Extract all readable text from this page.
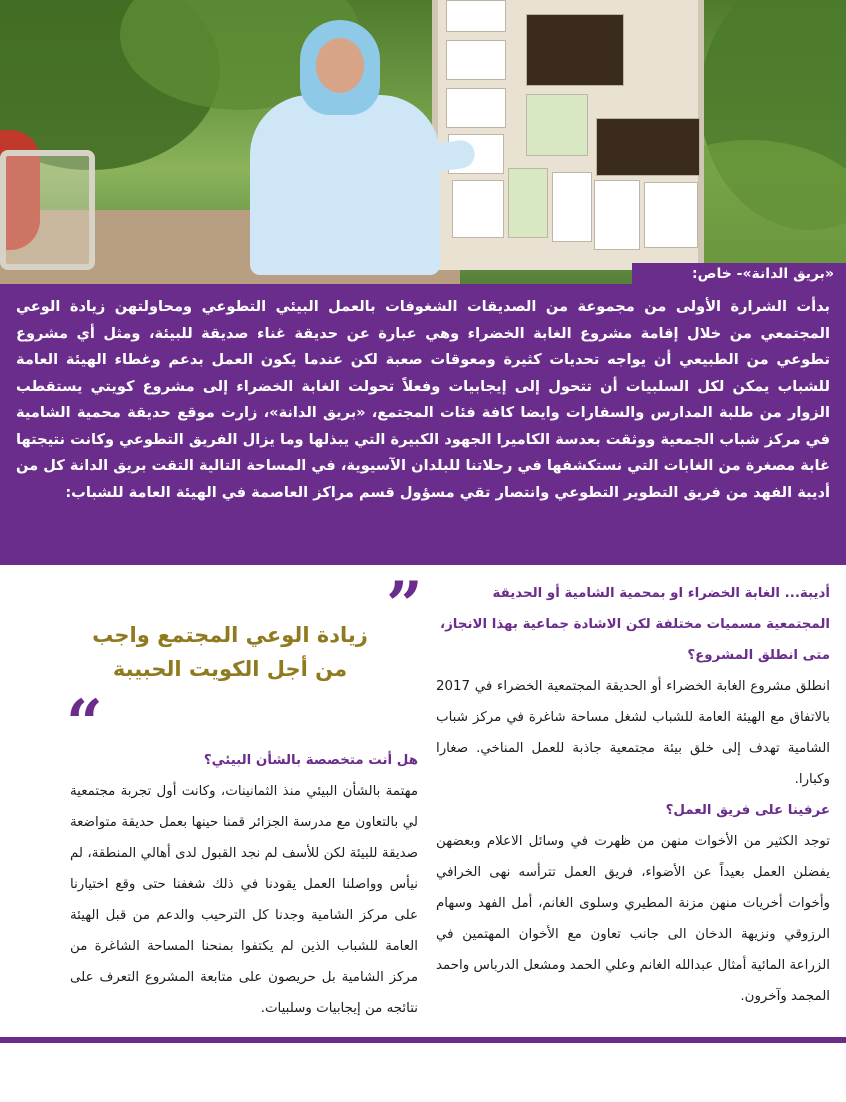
«بريق الدانة»- خاص:

بدأت الشرارة الأولى من مجموعة من الصديقات الشغوفات بالعمل البيئي التطوعي ومحاولتهن زيادة الوعي المجتمعي من خلال إقامة مشروع الغابة الخضراء وهي عبارة عن حديقة غناء صديقة للبيئة، ومثل أي مشروع تطوعي من الطبيعي أن يواجه تحديات كثيرة ومعوقات صعبة لكن عندما يكون العمل بدعم وغطاء الهيئة العامة للشباب يمكن لكل السلبيات أن تتحول إلى إيجابيات وفعلاً تحولت الغابة الخضراء إلى مشروع كويتي يستقطب الزوار من طلبة المدارس والسفارات وايضا كافة فئات المجتمع، «بريق الدانة»، زارت موقع حديقة محمية الشامية في مركز شباب الجمعية ووثقت بعدسة الكاميرا الجهود الكبيرة التي يبذلها وما يزال الفريق التطوعي وكانت نتيجتها غابة مصغرة من الغابات التي نستكشفها في رحلاتنا للبلدان الآسيوية، في المساحة التالية التقت بريق الدانة كل من أديبة الفهد من فريق التطوير التطوعي وانتصار تقي مسؤول قسم مراكز العاصمة في الهيئة العامة للشباب:

أديبة... الغابة الخضراء او بمحمية الشامية أو الحديقة المجتمعية مسميات مختلفة لكن الاشادة جماعية بهذا الانجاز، متى انطلق المشروع؟
انطلق مشروع الغابة الخضراء أو الحديقة المجتمعية الخضراء في 2017 بالاتفاق مع الهيئة العامة للشباب لشغل مساحة شاغرة في مركز شباب الشامية تهدف إلى خلق بيئة مجتمعية جاذبة للعمل المناخي. صغارا وكبارا.
عرفينا على فريق العمل؟
توجد الكثير من الأخوات منهن من ظهرت في وسائل الاعلام وبعضهن يفضلن العمل بعيداً عن الأضواء، فريق العمل تترأسه نهى الخرافي وأخوات أخريات منهن مزنة المطيري وسلوى الغانم، أمل الفهد وسهام الرزوقي ونزيهة الدخان الى جانب تعاون مع الأخوان المهتمين في الزراعة المائية أمثال عبدالله الغانم وعلي الحمد ومشعل الدرباس واحمد المجمد وآخرون.
”
زيادة الوعي المجتمع واجب
من أجل الكويت الحبيبة
“	هل أنت متخصصة بالشأن البيئي؟
مهتمة بالشأن البيئي منذ الثمانينات، وكانت أول تجربة مجتمعية لي بالتعاون مع مدرسة الجزائر قمنا حينها بعمل حديقة متواضعة صديقة للبيئة لكن للأسف لم نجد القبول لدى أهالي المنطقة، لم نيأس وواصلنا العمل يقودنا في ذلك شغفنا حتى وقع اختيارنا على مركز الشامية وجدنا كل الترحيب والدعم من قبل الهيئة العامة للشباب الذين لم يكتفوا بمنحنا المساحة الشاغرة من مركز الشامية بل حريصون على متابعة المشروع التعرف على نتائجه من إيجابيات وسلبيات.
